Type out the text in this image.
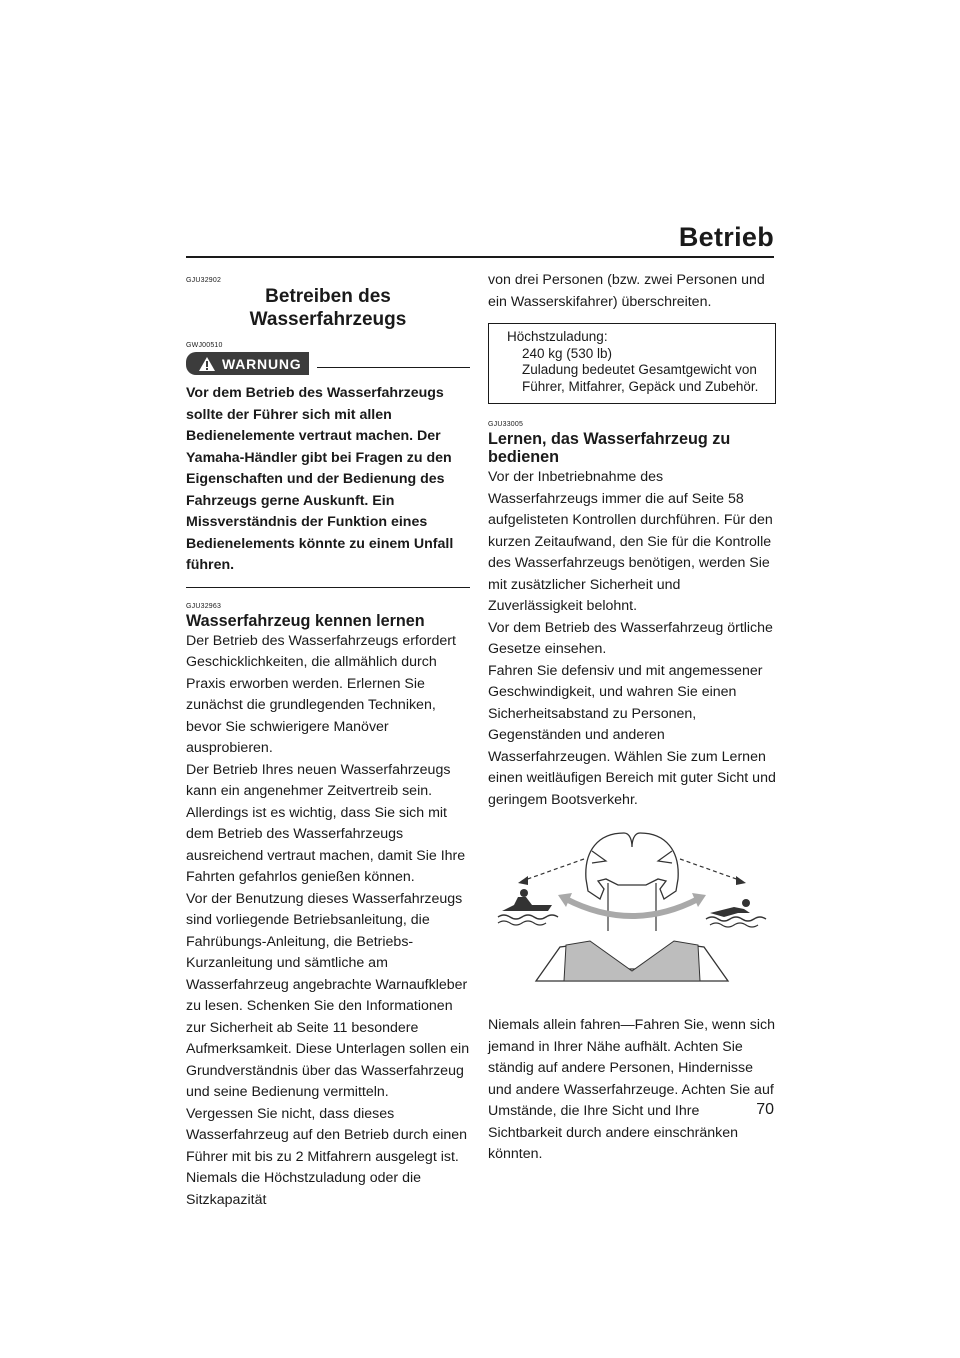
Betrieb

GJU32902

Betreiben des
Wasserfahrzeugs

GWJ00510

WARNUNG

Vor dem Betrieb des Wasserfahrzeugs sollte der Führer sich mit allen Bedienelemente vertraut machen. Der Yamaha-Händler gibt bei Fragen zu den Eigenschaften und der Bedienung des Fahrzeugs gerne Auskunft. Ein Missverständnis der Funktion eines Bedienelements könnte zu einem Unfall führen.

GJU32963

Wasserfahrzeug kennen lernen

Der Betrieb des Wasserfahrzeugs erfordert Geschicklichkeiten, die allmählich durch Praxis erworben werden. Erlernen Sie zunächst die grundlegenden Techniken, bevor Sie schwierigere Manöver ausprobieren.

Der Betrieb Ihres neuen Wasserfahrzeugs kann ein angenehmer Zeitvertreib sein. Allerdings ist es wichtig, dass Sie sich mit dem Betrieb des Wasserfahrzeugs ausreichend vertraut machen, damit Sie Ihre Fahrten gefahrlos genießen können.

Vor der Benutzung dieses Wasserfahrzeugs sind vorliegende Betriebsanleitung, die Fahrübungs-Anleitung, die Betriebs-Kurzanleitung und sämtliche am Wasserfahrzeug angebrachte Warnaufkleber zu lesen. Schenken Sie den Informationen zur Sicherheit ab Seite 11 besondere Aufmerksamkeit. Diese Unterlagen sollen ein Grundverständnis über das Wasserfahrzeug und seine Bedienung vermitteln.

Vergessen Sie nicht, dass dieses Wasserfahrzeug auf den Betrieb durch einen Führer mit bis zu 2 Mitfahrern ausgelegt ist. Niemals die Höchstzuladung oder die Sitzkapazität

von drei Personen (bzw. zwei Personen und ein Wasserskifahrer) überschreiten.

Höchstzuladung:
240 kg (530 lb)
Zuladung bedeutet Gesamtgewicht von Führer, Mitfahrer, Gepäck und Zubehör.

GJU33005

Lernen, das Wasserfahrzeug zu bedienen

Vor der Inbetriebnahme des Wasserfahrzeugs immer die auf Seite 58 aufgelisteten Kontrollen durchführen. Für den kurzen Zeitaufwand, den Sie für die Kontrolle des Wasserfahrzeugs benötigen, werden Sie mit zusätzlicher Sicherheit und Zuverlässigkeit belohnt.

Vor dem Betrieb des Wasserfahrzeug örtliche Gesetze einsehen.

Fahren Sie defensiv und mit angemessener Geschwindigkeit, und wahren Sie einen Sicherheitsabstand zu Personen, Gegenständen und anderen Wasserfahrzeugen. Wählen Sie zum Lernen einen weitläufigen Bereich mit guter Sicht und geringem Bootsverkehr.

Niemals allein fahren—Fahren Sie, wenn sich jemand in Ihrer Nähe aufhält. Achten Sie ständig auf andere Personen, Hindernisse und andere Wasserfahrzeuge. Achten Sie auf Umstände, die Ihre Sicht und Ihre Sichtbarkeit durch andere einschränken könnten.

70
